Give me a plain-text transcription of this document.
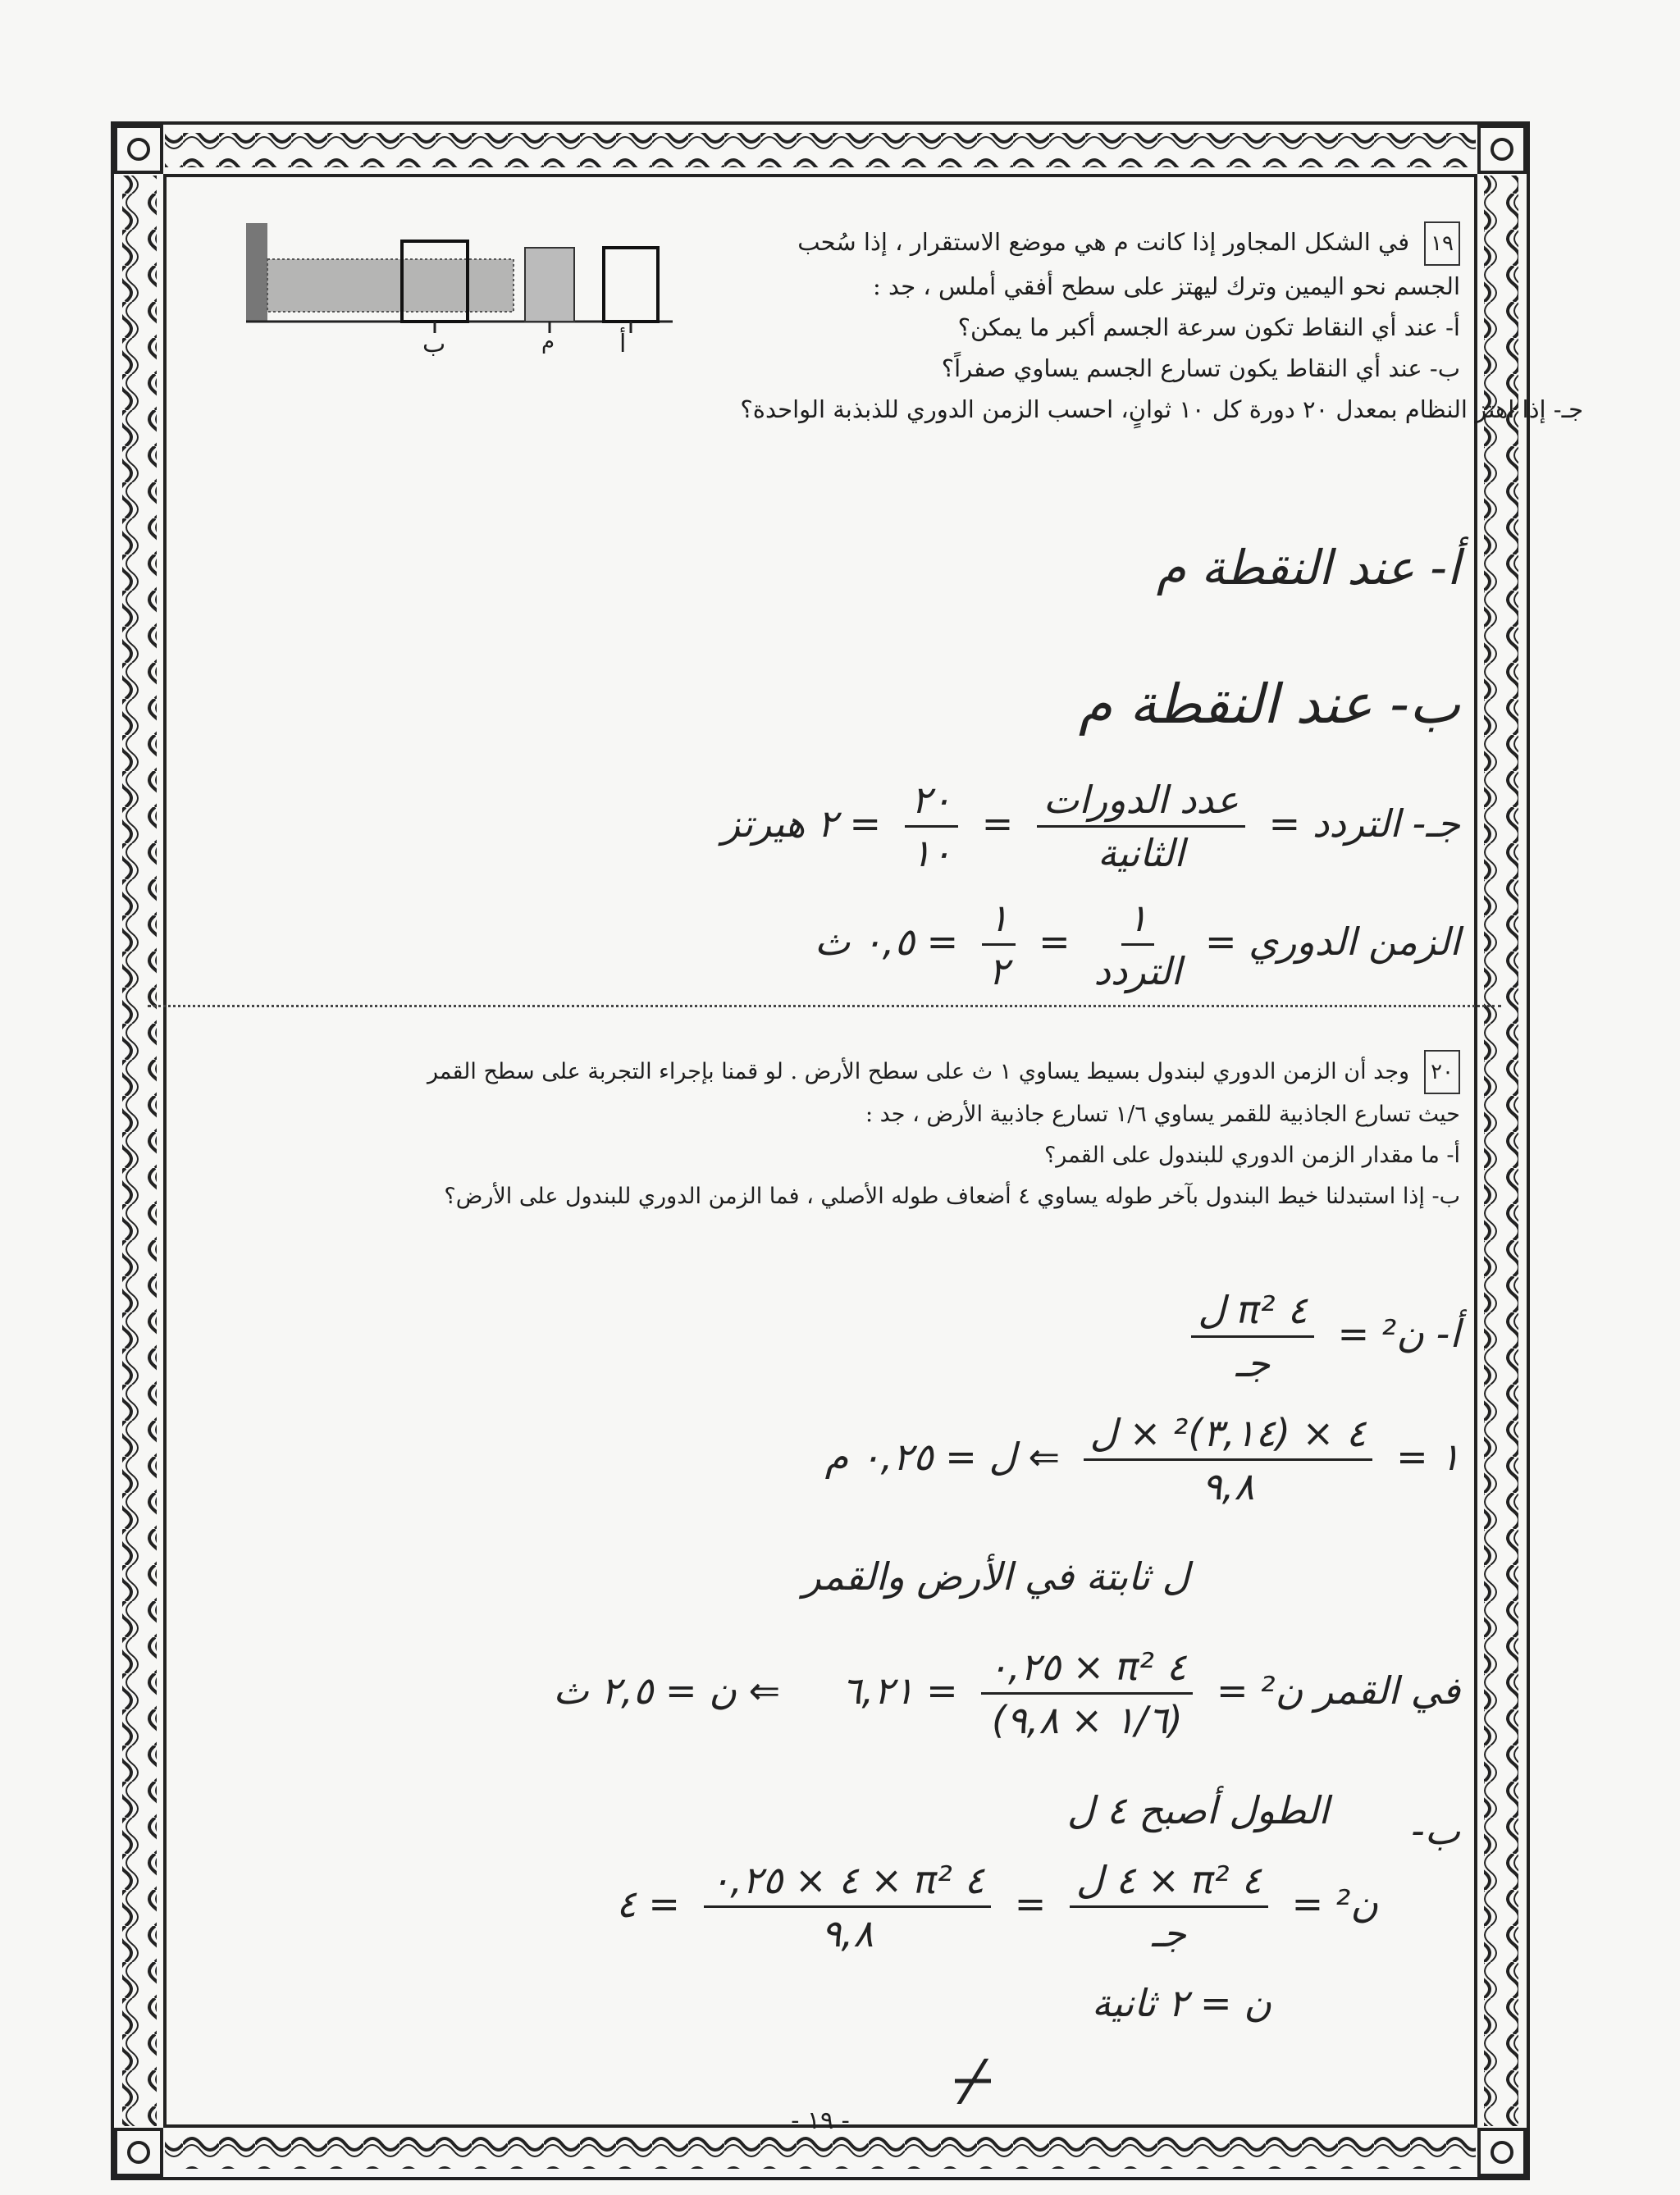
١٩في الشكل المجاور إذا كانت م هي موضع الاستقرار ، إذا سُحب
الجسم نحو اليمين وترك ليهتز على سطح أفقي أملس ، جد :
أ- عند أي النقاط تكون سرعة الجسم أكبر ما يمكن؟
ب- عند أي النقاط يكون تسارع الجسم يساوي صفراً؟
جـ- إذا اهتز النظام بمعدل ٢٠ دورة كل ١٠ ثوانٍ، احسب الزمن الدوري للذبذبة الواحدة؟
ب	م	أ
أ- عند النقطة م
ب- عند النقطة م
جـ- التردد =
$\frac{\text{عدد الدورات}}{\text{الثانية}}$
=
$\frac{٢٠}{١٠}$
= ٢ هيرتز
الزمن الدوري =
$\frac{١}{\text{التردد}}$
=
$\frac{١}{٢}$
= ٠,٥ ث
٢٠وجد أن الزمن الدوري لبندول بسيط يساوي ١ ث على سطح الأرض . لو قمنا بإجراء التجربة على سطح القمر
حيث تسارع الجاذبية للقمر يساوي ١/٦ تسارع جاذبية الأرض ، جد :
أ- ما مقدار الزمن الدوري للبندول على القمر؟
ب- إذا استبدلنا خيط البندول بآخر طوله يساوي ٤ أضعاف طوله الأصلي ، فما الزمن الدوري للبندول على الأرض؟
أ- ن² =
$\frac{\text{٤ π² ل}}{\text{جـ}}$
١ =
$\frac{\text{٤ × (٣,١٤)² × ل}}{٩,٨}$
⇐ ل = ٠,٢٥ م
ل ثابتة في الأرض والقمر
في القمر ن² =
$\frac{\text{٤ π² × ٠,٢٥}}{(١/٦ \times ٩,٨)}$
= ٦,٢١ ⇐ ن = ٢,٥ ث
الطول أصبح ٤ ل ب-
ن² =
$\frac{\text{٤ π² × ٤ ل}}{\text{جـ}}$
=
$\frac{\text{٤ π² × ٤ × ٠,٢٥}}{٩,٨}$
= ٤
ن = ٢ ثانية
⌿
- ١٩ -
